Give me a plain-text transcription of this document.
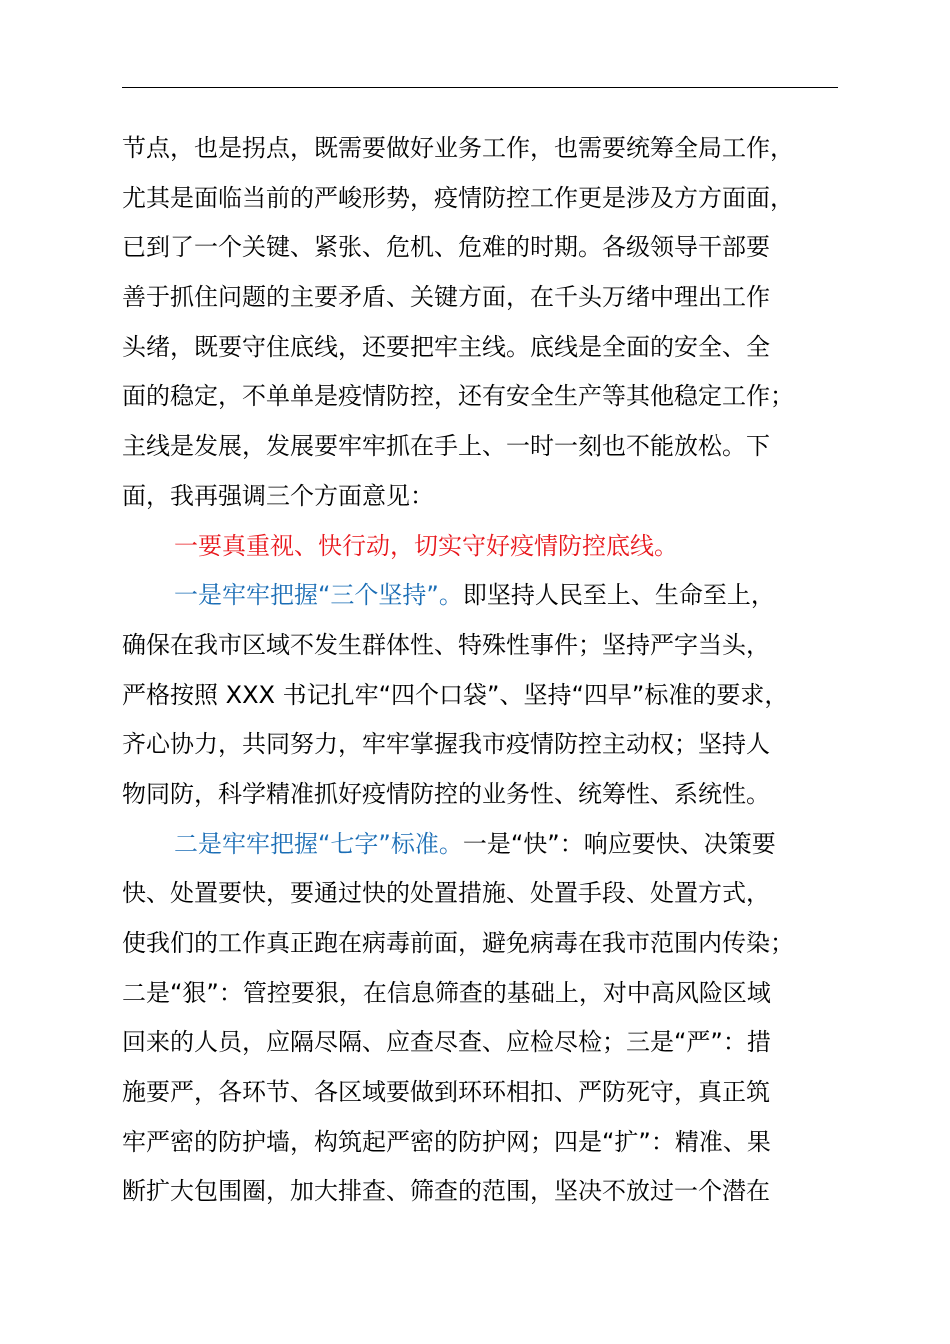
节点，也是拐点，既需要做好业务工作，也需要统筹全局工作，
尤其是面临当前的严峻形势，疫情防控工作更是涉及方方面面，
已到了一个关键、紧张、危机、危难的时期。各级领导干部要
善于抓住问题的主要矛盾、关键方面，在千头万绪中理出工作
头绪，既要守住底线，还要把牢主线。底线是全面的安全、全
面的稳定，不单单是疫情防控，还有安全生产等其他稳定工作；
主线是发展，发展要牢牢抓在手上、一时一刻也不能放松。下
面，我再强调三个方面意见：
一要真重视、快行动，切实守好疫情防控底线。
一是牢牢把握“三个坚持”。即坚持人民至上、生命至上，
确保在我市区域不发生群体性、特殊性事件；坚持严字当头，
严格按照 XXX 书记扎牢“四个口袋”、坚持“四早”标准的要求，
齐心协力，共同努力，牢牢掌握我市疫情防控主动权；坚持人
物同防，科学精准抓好疫情防控的业务性、统筹性、系统性。
二是牢牢把握“七字”标准。一是“快”：响应要快、决策要
快、处置要快，要通过快的处置措施、处置手段、处置方式，
使我们的工作真正跑在病毒前面，避免病毒在我市范围内传染；
二是“狠”：管控要狠，在信息筛查的基础上，对中高风险区域
回来的人员，应隔尽隔、应查尽查、应检尽检；三是“严”：措
施要严，各环节、各区域要做到环环相扣、严防死守，真正筑
牢严密的防护墙，构筑起严密的防护网；四是“扩”：精准、果
断扩大包围圈，加大排查、筛查的范围，坚决不放过一个潜在
